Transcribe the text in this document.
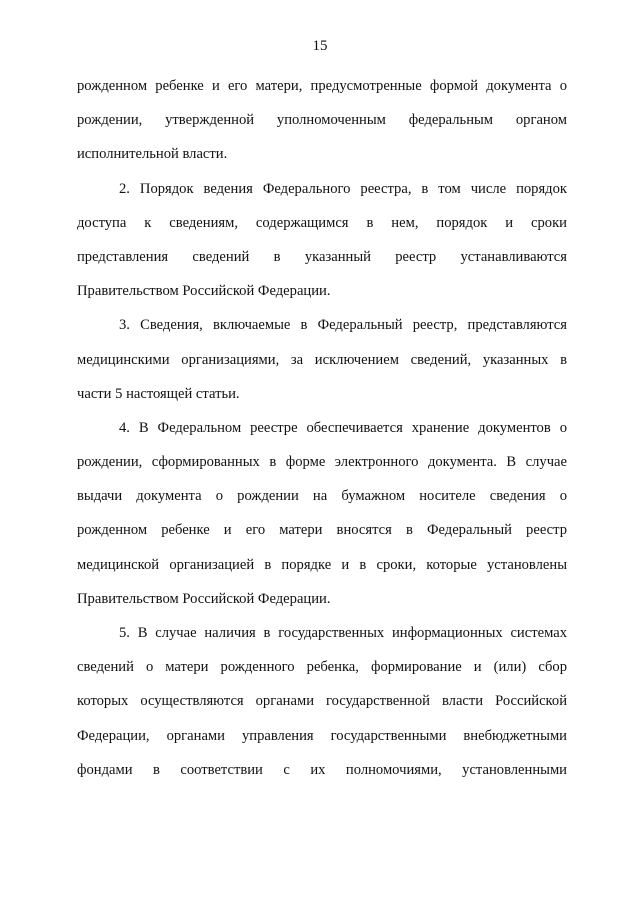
15
рожденном ребенке и его матери, предусмотренные формой документа о
рождении, утвержденной уполномоченным федеральным органом
исполнительной власти.
2. Порядок ведения Федерального реестра, в том числе порядок
доступа к сведениям, содержащимся в нем, порядок и сроки
представления сведений в указанный реестр устанавливаются
Правительством Российской Федерации.
3. Сведения, включаемые в Федеральный реестр, представляются
медицинскими организациями, за исключением сведений, указанных в
части 5 настоящей статьи.
4. В Федеральном реестре обеспечивается хранение документов о
рождении, сформированных в форме электронного документа. В случае
выдачи документа о рождении на бумажном носителе сведения о
рожденном ребенке и его матери вносятся в Федеральный реестр
медицинской организацией в порядке и в сроки, которые установлены
Правительством Российской Федерации.
5. В случае наличия в государственных информационных системах
сведений о матери рожденного ребенка, формирование и (или) сбор
которых осуществляются органами государственной власти Российской
Федерации, органами управления государственными внебюджетными
фондами в соответствии с их полномочиями, установленными
